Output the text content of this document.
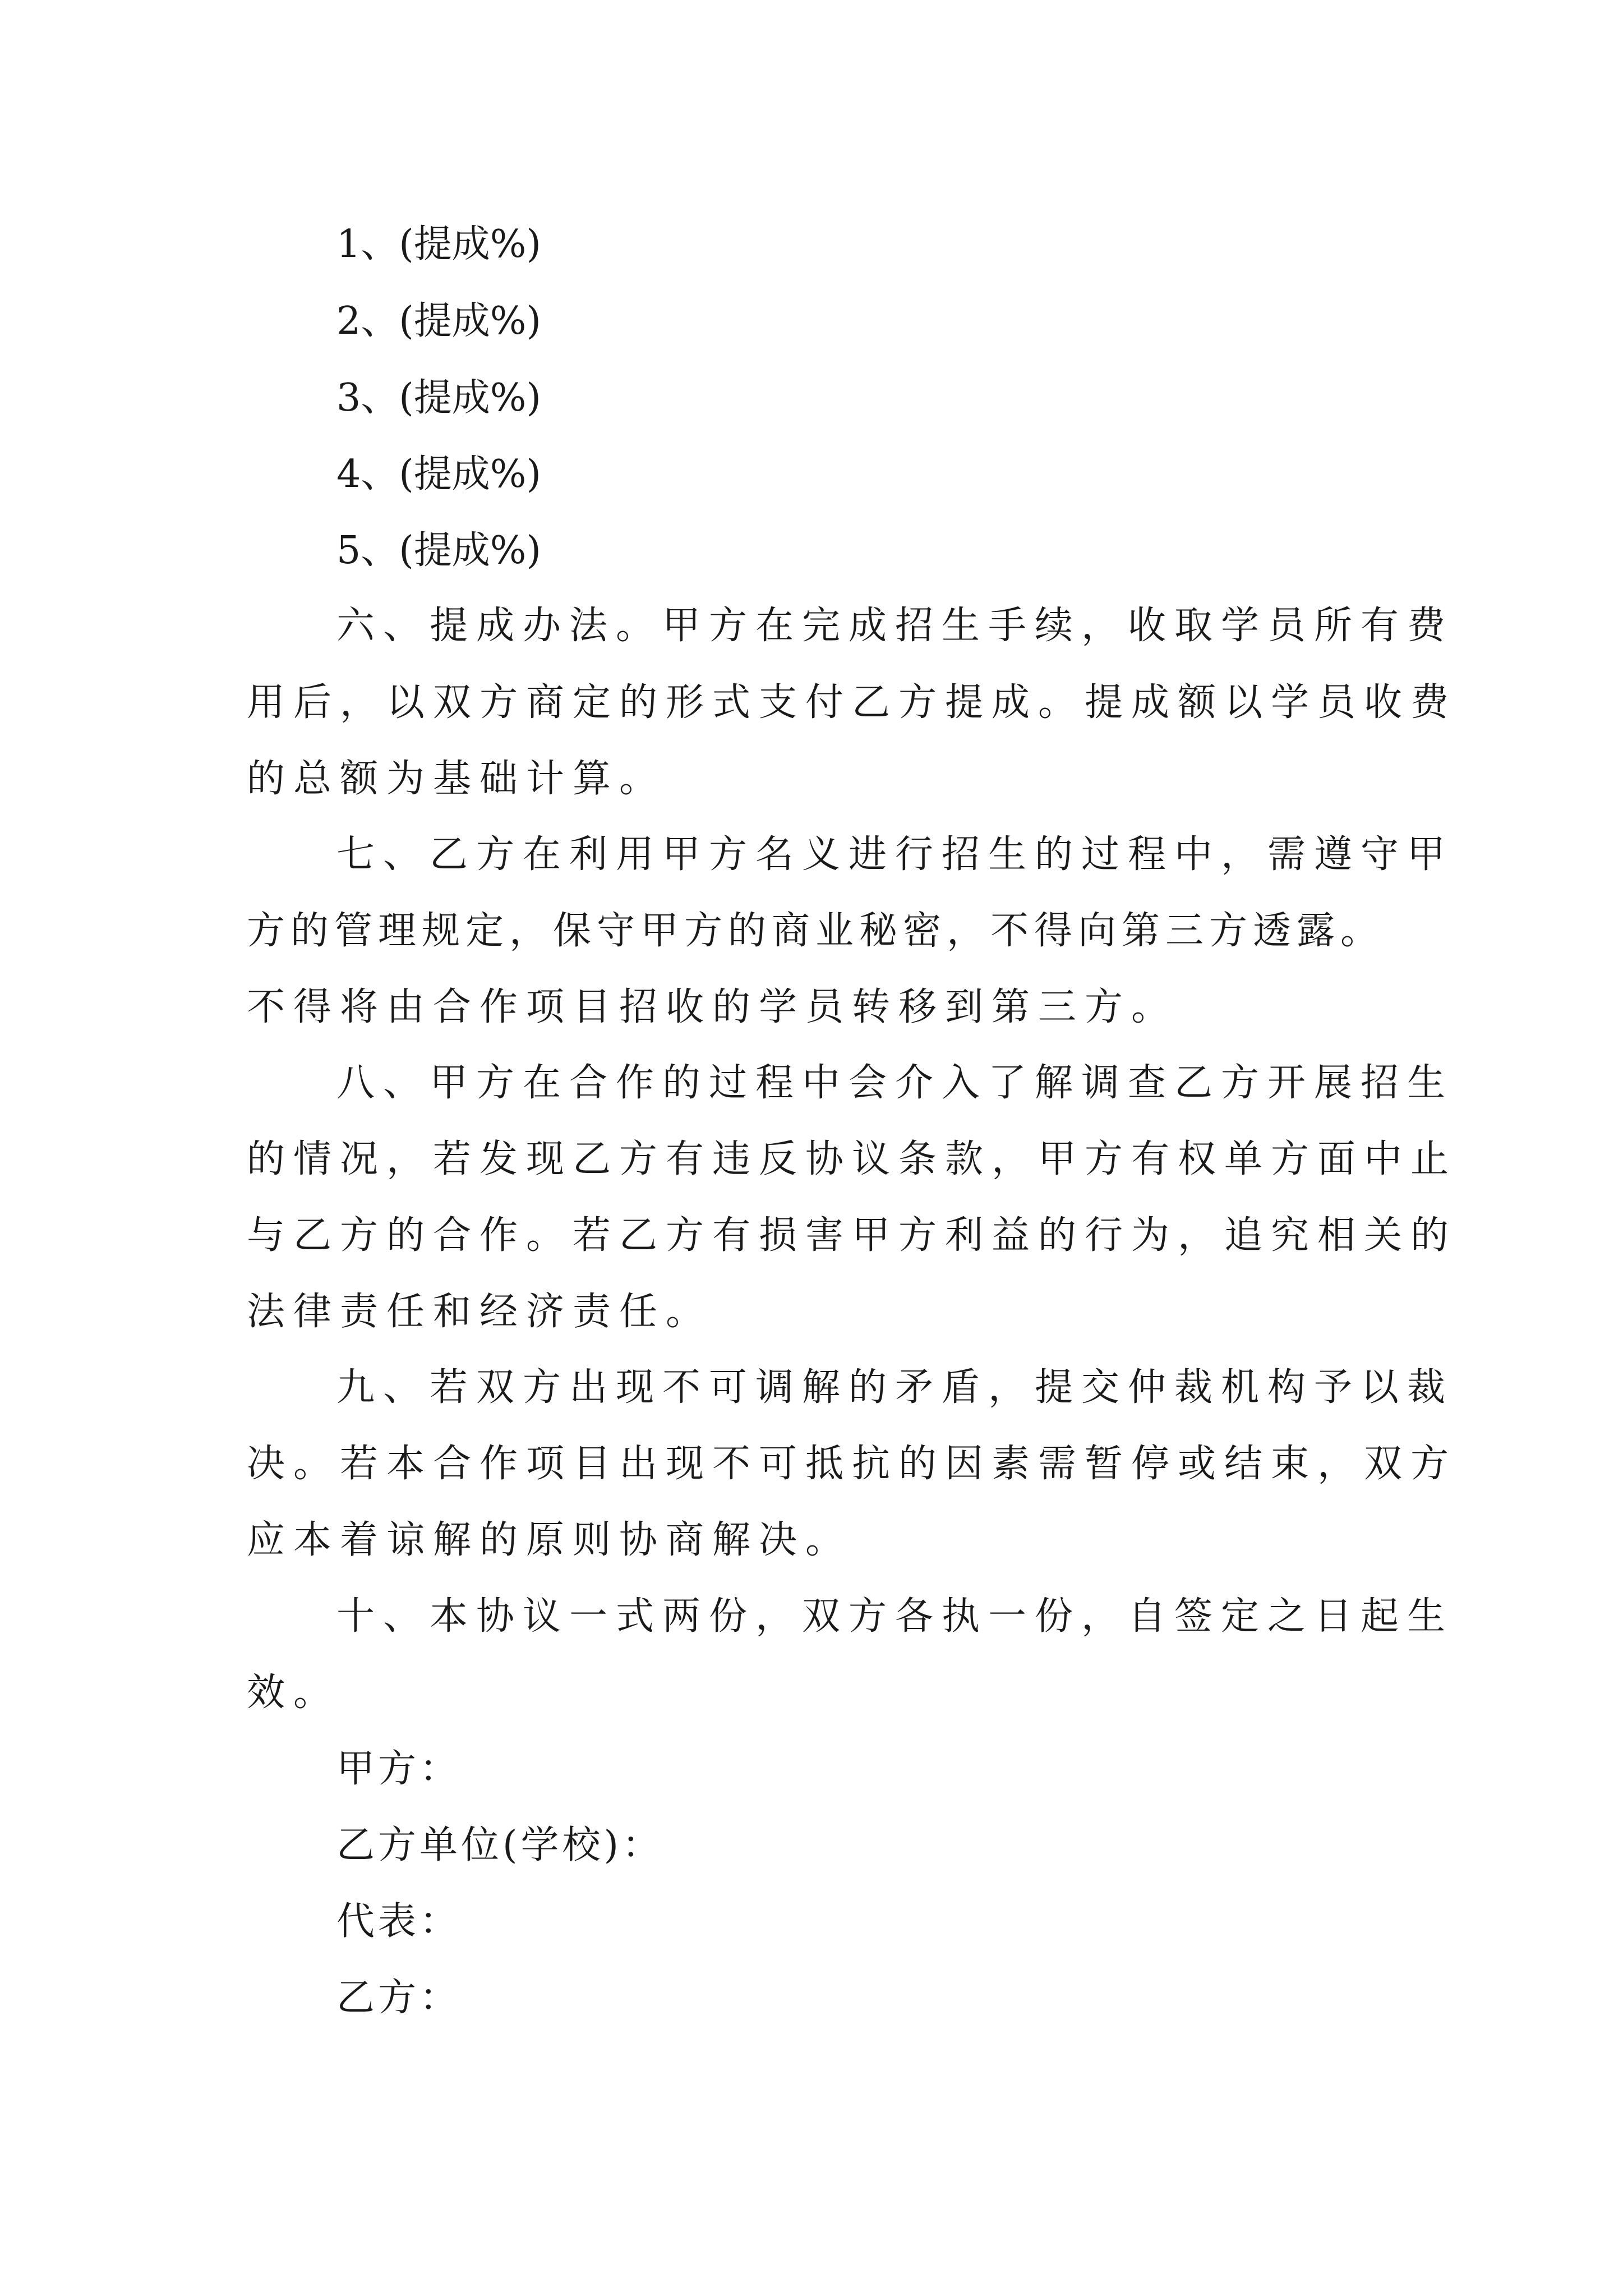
1、(提成%)

2、(提成%)

3、(提成%)

4、(提成%)

5、(提成%)

六、提成办法。甲方在完成招生手续，收取学员所有费

用后，以双方商定的形式支付乙方提成。提成额以学员收费

的总额为基础计算。

七、乙方在利用甲方名义进行招生的过程中，需遵守甲

方的管理规定，保守甲方的商业秘密，不得向第三方透露。

不得将由合作项目招收的学员转移到第三方。

八、甲方在合作的过程中会介入了解调查乙方开展招生

的情况，若发现乙方有违反协议条款，甲方有权单方面中止

与乙方的合作。若乙方有损害甲方利益的行为，追究相关的

法律责任和经济责任。

九、若双方出现不可调解的矛盾，提交仲裁机构予以裁

决。若本合作项目出现不可抵抗的因素需暂停或结束，双方

应本着谅解的原则协商解决。

十、本协议一式两份，双方各执一份，自签定之日起生

效。

甲方：

乙方单位(学校)：

代表：

乙方：
